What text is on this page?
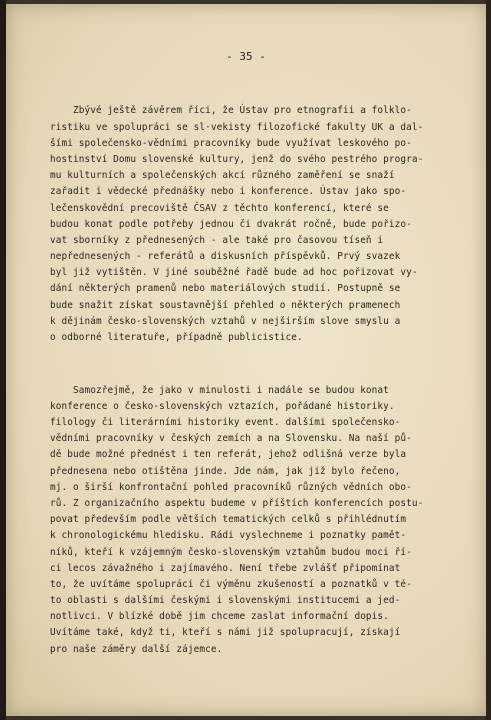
- 35 -

Zbývé ještě závěrem říci, že Ústav pro etnografii a folklo-
ristiku ve spolupráci se sl·vekisty filozofické fakulty UK a dal-
šími společensko-vědními pracovníky bude využívat leskového po-
hostinství Domu slovenské kultury, jenž do svého pestrého progra-
mu kulturních a společenských akcí různého zaměření se snaží
zařadit i vědecké přednášky nebo i konference. Ústav jako spo-
lečenskovědní precoviště ČSAV z těchto konferencí, které se
budou konat podle potřeby jednou či dvakrát ročně, bude pořizo-
vat sborníky z přednesených - ale také pro časovou tíseň i
nepřednesených - referátů a diskusních příspěvků. Prvý svazek
byl již vytištěn. V jiné souběžné řadě bude ad hoc pořizovat vy-
dání některých pramenů nebo materiálových studií. Postupně se
bude snažit získat soustavnější přehled o některých pramenech
k dějinám česko-slovenských vztahů v nejširším slove smyslu a
o odborné literatuře, případně publicistice.

Samozřejmě, že jako v minulosti i nadále se budou konat
konference o česko-slovenských vztazích, pořádané historiky.
filology či literárními historiky event. dalšími společensko-
vědními pracovníky v českých zemích a na Slovensku. Na naší pů-
dě bude možné přednést i ten referát, jehož odlišná verze byla
přednesena nebo otištěna jinde. Jde nám, jak již bylo řečeno,
mj. o širší konfrontační pohled pracovníků různých vědních obo-
rů. Z organizačního aspektu budeme v příštích konferencích postu-
povat především podle větších tematických celků s přihlédnutím
k chronologickému hledisku. Rádi vyslechneme i poznatky pamět-
níků, kteří k vzájemným česko-slovenským vztahům budou moci ří-
ci lecos závažného i zajímavého. Není třebe zvlášť připomínat
to, že uvítáme spolupráci či výměnu zkušeností a poznatků v té-
to oblasti s dalšími českými i slovenskými institucemi a jed-
notlivci. V blízké době jim chceme zaslat informační dopis.
Uvítáme také, když ti, kteří s námi již spolupracují, získají
pro naše záměry další zájemce.
